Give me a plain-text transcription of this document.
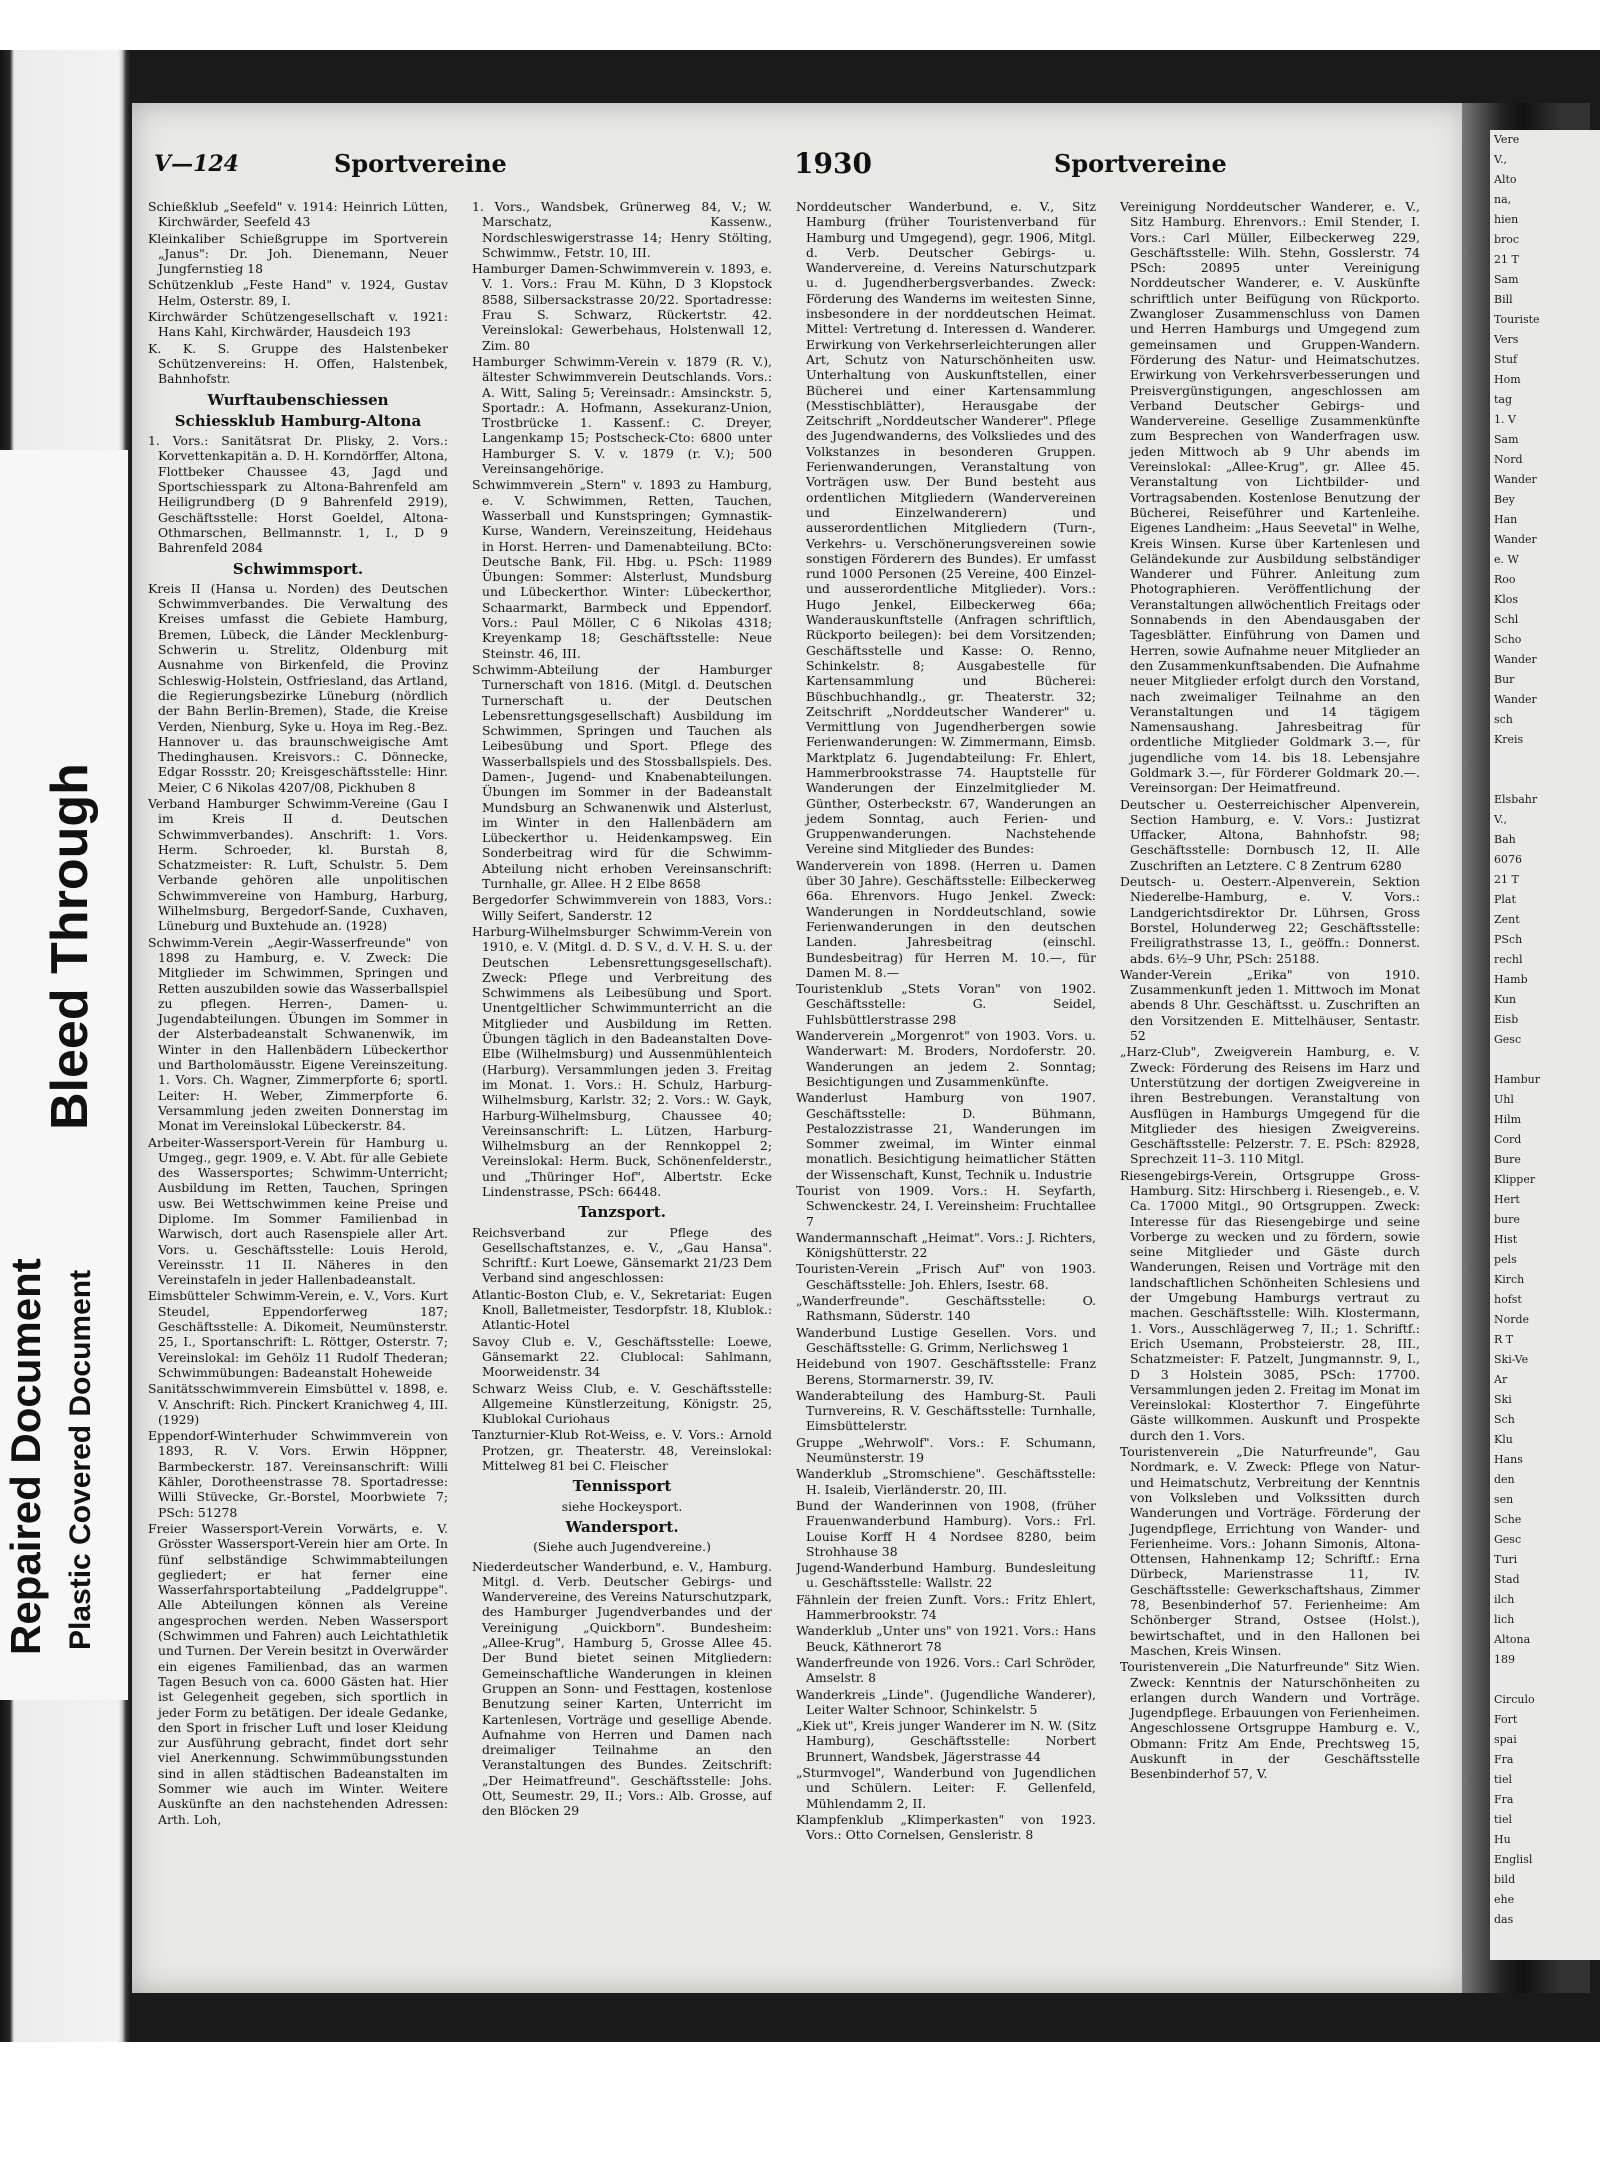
Repaired Document Plastic Covered Document
Bleed Through
V—124	Sportvereine	1930	Sportvereine

Schießklub „Seefeld" v. 1914: Heinrich Lütten, Kirchwärder, Seefeld 43

Kleinkaliber Schießgruppe im Sportverein „Janus": Dr. Joh. Dienemann, Neuer Jungfernstieg 18

Schützenklub „Feste Hand" v. 1924, Gustav Helm, Osterstr. 89, I.

Kirchwärder Schützengesellschaft v. 1921: Hans Kahl, Kirchwärder, Hausdeich 193

K. K. S. Gruppe des Halstenbeker Schützenvereins: H. Offen, Halstenbek, Bahnhofstr.

Wurftaubenschiessen
Schiessklub Hamburg-Altona

1. Vors.: Sanitätsrat Dr. Plisky, 2. Vors.: Korvettenkapitän a. D. H. Korndörffer, Altona, Flottbeker Chaussee 43, Jagd und Sportschiesspark zu Altona-Bahrenfeld am Heiligrundberg (D 9 Bahrenfeld 2919), Geschäftsstelle: Horst Goeldel, Altona-Othmarschen, Bellmannstr. 1, I., D 9 Bahrenfeld 2084

Schwimmsport.

Kreis II (Hansa u. Norden) des Deutschen Schwimmverbandes. Die Verwaltung des Kreises umfasst die Gebiete Hamburg, Bremen, Lübeck, die Länder Mecklenburg-Schwerin u. Strelitz, Oldenburg mit Ausnahme von Birkenfeld, die Provinz Schleswig-Holstein, Ostfriesland, das Artland, die Regierungsbezirke Lüneburg (nördlich der Bahn Berlin-Bremen), Stade, die Kreise Verden, Nienburg, Syke u. Hoya im Reg.-Bez. Hannover u. das braunschweigische Amt Thedinghausen. Kreisvors.: C. Dönnecke, Edgar Rossstr. 20; Kreisgeschäftsstelle: Hinr. Meier, C 6 Nikolas 4207/08, Pickhuben 8

Verband Hamburger Schwimm-Vereine (Gau I im Kreis II d. Deutschen Schwimmverbandes). Anschrift: 1. Vors. Herm. Schroeder, kl. Burstah 8, Schatzmeister: R. Luft, Schulstr. 5. Dem Verbande gehören alle unpolitischen Schwimmvereine von Hamburg, Harburg, Wilhelmsburg, Bergedorf-Sande, Cuxhaven, Lüneburg und Buxtehude an. (1928)

Schwimm-Verein „Aegir-Wasserfreunde" von 1898 zu Hamburg, e. V. Zweck: Die Mitglieder im Schwimmen, Springen und Retten auszubilden sowie das Wasserballspiel zu pflegen. Herren-, Damen- u. Jugendabteilungen. Übungen im Sommer in der Alsterbadeanstalt Schwanenwik, im Winter in den Hallenbädern Lübeckerthor und Bartholomäusstr. Eigene Vereinszeitung. 1. Vors. Ch. Wagner, Zimmerpforte 6; sportl. Leiter: H. Weber, Zimmerpforte 6. Versammlung jeden zweiten Donnerstag im Monat im Vereinslokal Lübeckerstr. 84.

Arbeiter-Wassersport-Verein für Hamburg u. Umgeg., gegr. 1909, e. V. Abt. für alle Gebiete des Wassersportes; Schwimm-Unterricht; Ausbildung im Retten, Tauchen, Springen usw. Bei Wettschwimmen keine Preise und Diplome. Im Sommer Familienbad in Warwisch, dort auch Rasenspiele aller Art. Vors. u. Geschäftsstelle: Louis Herold, Vereinsstr. 11 II. Näheres in den Vereinstafeln in jeder Hallenbadeanstalt.

Eimsbütteler Schwimm-Verein, e. V., Vors. Kurt Steudel, Eppendorferweg 187; Geschäftsstelle: A. Dikomeit, Neumünsterstr. 25, I., Sportanschrift: L. Röttger, Osterstr. 7; Vereinslokal: im Gehölz 11 Rudolf Thederan; Schwimmübungen: Badeanstalt Hoheweide

Sanitätsschwimmverein Eimsbüttel v. 1898, e. V. Anschrift: Rich. Pinckert Kranichweg 4, III. (1929)

Eppendorf-Winterhuder Schwimmverein von 1893, R. V. Vors. Erwin Höppner, Barmbeckerstr. 187. Vereinsanschrift: Willi Kähler, Dorotheenstrasse 78. Sportadresse: Willi Stüvecke, Gr.-Borstel, Moorbwiete 7; PSch: 51278

Freier Wassersport-Verein Vorwärts, e. V. Grösster Wassersport-Verein hier am Orte. In fünf selbständige Schwimmabteilungen gegliedert; er hat ferner eine Wasserfahrsportabteilung „Paddelgruppe". Alle Abteilungen können als Vereine angesprochen werden. Neben Wassersport (Schwimmen und Fahren) auch Leichtathletik und Turnen. Der Verein besitzt in Overwärder ein eigenes Familienbad, das an warmen Tagen Besuch von ca. 6000 Gästen hat. Hier ist Gelegenheit gegeben, sich sportlich in jeder Form zu betätigen. Der ideale Gedanke, den Sport in frischer Luft und loser Kleidung zur Ausführung gebracht, findet dort sehr viel Anerkennung. Schwimmübungsstunden sind in allen städtischen Badeanstalten im Sommer wie auch im Winter. Weitere Auskünfte an den nachstehenden Adressen: Arth. Loh,

1. Vors., Wandsbek, Grünerweg 84, V.; W. Marschatz, Kassenw., Nordschleswigerstrasse 14; Henry Stölting, Schwimmw., Fetstr. 10, III.

Hamburger Damen-Schwimmverein v. 1893, e. V. 1. Vors.: Frau M. Kühn, D 3 Klopstock 8588, Silbersackstrasse 20/22. Sportadresse: Frau S. Schwarz, Rückertstr. 42. Vereinslokal: Gewerbehaus, Holstenwall 12, Zim. 80

Hamburger Schwimm-Verein v. 1879 (R. V.), ältester Schwimmverein Deutschlands. Vors.: A. Witt, Saling 5; Vereinsadr.: Amsinckstr. 5, Sportadr.: A. Hofmann, Assekuranz-Union, Trostbrücke 1. Kassenf.: C. Dreyer, Langenkamp 15; Postscheck-Cto: 6800 unter Hamburger S. V. v. 1879 (r. V.); 500 Vereinsangehörige.

Schwimmverein „Stern" v. 1893 zu Hamburg, e. V. Schwimmen, Retten, Tauchen, Wasserball und Kunstspringen; Gymnastik-Kurse, Wandern, Vereinszeitung, Heidehaus in Horst. Herren- und Damenabteilung. BCto: Deutsche Bank, Fil. Hbg. u. PSch: 11989 Übungen: Sommer: Alsterlust, Mundsburg und Lübeckerthor. Winter: Lübeckerthor, Schaarmarkt, Barmbeck und Eppendorf. Vors.: Paul Möller, C 6 Nikolas 4318; Kreyenkamp 18; Geschäftsstelle: Neue Steinstr. 46, III.

Schwimm-Abteilung der Hamburger Turnerschaft von 1816. (Mitgl. d. Deutschen Turnerschaft u. der Deutschen Lebensrettungsgesellschaft) Ausbildung im Schwimmen, Springen und Tauchen als Leibesübung und Sport. Pflege des Wasserballspiels und des Stossballspiels. Des. Damen-, Jugend- und Knabenabteilungen. Übungen im Sommer in der Badeanstalt Mundsburg an Schwanenwik und Alsterlust, im Winter in den Hallenbädern am Lübeckerthor u. Heidenkampsweg. Ein Sonderbeitrag wird für die Schwimm-Abteilung nicht erhoben Vereinsanschrift: Turnhalle, gr. Allee. H 2 Elbe 8658

Bergedorfer Schwimmverein von 1883, Vors.: Willy Seifert, Sanderstr. 12

Harburg-Wilhelmsburger Schwimm-Verein von 1910, e. V. (Mitgl. d. D. S V., d. V. H. S. u. der Deutschen Lebensrettungsgesellschaft). Zweck: Pflege und Verbreitung des Schwimmens als Leibesübung und Sport. Unentgeltlicher Schwimmunterricht an die Mitglieder und Ausbildung im Retten. Übungen täglich in den Badeanstalten Dove-Elbe (Wilhelmsburg) und Aussenmühlenteich (Harburg). Versammlungen jeden 3. Freitag im Monat. 1. Vors.: H. Schulz, Harburg-Wilhelmsburg, Karlstr. 32; 2. Vors.: W. Gayk, Harburg-Wilhelmsburg, Chaussee 40; Vereinsanschrift: L. Lützen, Harburg-Wilhelmsburg an der Rennkoppel 2; Vereinslokal: Herm. Buck, Schönenfelderstr., und „Thüringer Hof", Albertstr. Ecke Lindenstrasse, PSch: 66448.

Tanzsport.

Reichsverband zur Pflege des Gesellschaftstanzes, e. V., „Gau Hansa". Schriftf.: Kurt Loewe, Gänsemarkt 21/23 Dem Verband sind angeschlossen:

Atlantic-Boston Club, e. V., Sekretariat: Eugen Knoll, Balletmeister, Tesdorpfstr. 18, Klublok.: Atlantic-Hotel

Savoy Club e. V., Geschäftsstelle: Loewe, Gänsemarkt 22. Clublocal: Sahlmann, Moorweidenstr. 34

Schwarz Weiss Club, e. V. Geschäftsstelle: Allgemeine Künstlerzeitung, Königstr. 25, Klublokal Curiohaus

Tanzturnier-Klub Rot-Weiss, e. V. Vors.: Arnold Protzen, gr. Theaterstr. 48, Vereinslokal: Mittelweg 81 bei C. Fleischer

Tennissport
siehe Hockeysport.
Wandersport.
(Siehe auch Jugendvereine.)

Niederdeutscher Wanderbund, e. V., Hamburg. Mitgl. d. Verb. Deutscher Gebirgs- und Wandervereine, des Vereins Naturschutzpark, des Hamburger Jugendverbandes und der Vereinigung „Quickborn". Bundesheim: „Allee-Krug", Hamburg 5, Grosse Allee 45. Der Bund bietet seinen Mitgliedern: Gemeinschaftliche Wanderungen in kleinen Gruppen an Sonn- und Festtagen, kostenlose Benutzung seiner Karten, Unterricht im Kartenlesen, Vorträge und gesellige Abende. Aufnahme von Herren und Damen nach dreimaliger Teilnahme an den Veranstaltungen des Bundes. Zeitschrift: „Der Heimatfreund". Geschäftsstelle: Johs. Ott, Seumestr. 29, II.; Vors.: Alb. Grosse, auf den Blöcken 29

Norddeutscher Wanderbund, e. V., Sitz Hamburg (früher Touristenverband für Hamburg und Umgegend), gegr. 1906, Mitgl. d. Verb. Deutscher Gebirgs- u. Wandervereine, d. Vereins Naturschutzpark u. d. Jugendherbergsverbandes. Zweck: Förderung des Wanderns im weitesten Sinne, insbesondere in der norddeutschen Heimat. Mittel: Vertretung d. Interessen d. Wanderer. Erwirkung von Verkehrserleichterungen aller Art, Schutz von Naturschönheiten usw. Unterhaltung von Auskunftstellen, einer Bücherei und einer Kartensammlung (Messtischblätter), Herausgabe der Zeitschrift „Norddeutscher Wanderer". Pflege des Jugendwanderns, des Volksliedes und des Volkstanzes in besonderen Gruppen. Ferienwanderungen, Veranstaltung von Vorträgen usw. Der Bund besteht aus ordentlichen Mitgliedern (Wandervereinen und Einzelwanderern) und ausserordentlichen Mitgliedern (Turn-, Verkehrs- u. Verschönerungsvereinen sowie sonstigen Förderern des Bundes). Er umfasst rund 1000 Personen (25 Vereine, 400 Einzel- und ausserordentliche Mitglieder). Vors.: Hugo Jenkel, Eilbeckerweg 66a; Wanderauskunftstelle (Anfragen schriftlich, Rückporto beilegen): bei dem Vorsitzenden; Geschäftsstelle und Kasse: O. Renno, Schinkelstr. 8; Ausgabestelle für Kartensammlung und Bücherei: Büschbuchhandlg., gr. Theaterstr. 32; Zeitschrift „Norddeutscher Wanderer" u. Vermittlung von Jugendherbergen sowie Ferienwanderungen: W. Zimmermann, Eimsb. Marktplatz 6. Jugendabteilung: Fr. Ehlert, Hammerbrookstrasse 74. Hauptstelle für Wanderungen der Einzelmitglieder M. Günther, Osterbeckstr. 67, Wanderungen an jedem Sonntag, auch Ferien- und Gruppenwanderungen. Nachstehende Vereine sind Mitglieder des Bundes:

Wanderverein von 1898. (Herren u. Damen über 30 Jahre). Geschäftsstelle: Eilbeckerweg 66a. Ehrenvors. Hugo Jenkel. Zweck: Wanderungen in Norddeutschland, sowie Ferienwanderungen in den deutschen Landen. Jahresbeitrag (einschl. Bundesbeitrag) für Herren M. 10.—, für Damen M. 8.—

Touristenklub „Stets Voran" von 1902. Geschäftsstelle: G. Seidel, Fuhlsbüttlerstrasse 298

Wanderverein „Morgenrot" von 1903. Vors. u. Wanderwart: M. Broders, Nordoferstr. 20. Wanderungen an jedem 2. Sonntag; Besichtigungen und Zusammenkünfte.

Wanderlust Hamburg von 1907. Geschäftsstelle: D. Bühmann, Pestalozzistrasse 21, Wanderungen im Sommer zweimal, im Winter einmal monatlich. Besichtigung heimatlicher Stätten der Wissenschaft, Kunst, Technik u. Industrie

Tourist von 1909. Vors.: H. Seyfarth, Schwenckestr. 24, I. Vereinsheim: Fruchtallee 7

Wandermannschaft „Heimat". Vors.: J. Richters, Königshütterstr. 22

Touristen-Verein „Frisch Auf" von 1903. Geschäftsstelle: Joh. Ehlers, Isestr. 68.

„Wanderfreunde". Geschäftsstelle: O. Rathsmann, Süderstr. 140

Wanderbund Lustige Gesellen. Vors. und Geschäftsstelle: G. Grimm, Nerlichsweg 1

Heidebund von 1907. Geschäftsstelle: Franz Berens, Stormarnerstr. 39, IV.

Wanderabteilung des Hamburg-St. Pauli Turnvereins, R. V. Geschäftsstelle: Turnhalle, Eimsbüttelerstr.

Gruppe „Wehrwolf". Vors.: F. Schumann, Neumünsterstr. 19

Wanderklub „Stromschiene". Geschäftsstelle: H. Isaleib, Vierländerstr. 20, III.

Bund der Wanderinnen von 1908, (früher Frauenwanderbund Hamburg). Vors.: Frl. Louise Korff H 4 Nordsee 8280, beim Strohhause 38

Jugend-Wanderbund Hamburg. Bundesleitung u. Geschäftsstelle: Wallstr. 22

Fähnlein der freien Zunft. Vors.: Fritz Ehlert, Hammerbrookstr. 74

Wanderklub „Unter uns" von 1921. Vors.: Hans Beuck, Käthnerort 78

Wanderfreunde von 1926. Vors.: Carl Schröder, Amselstr. 8

Wanderkreis „Linde". (Jugendliche Wanderer), Leiter Walter Schnoor, Schinkelstr. 5

„Kiek ut", Kreis junger Wanderer im N. W. (Sitz Hamburg), Geschäftsstelle: Norbert Brunnert, Wandsbek, Jägerstrasse 44

„Sturmvogel", Wanderbund von Jugendlichen und Schülern. Leiter: F. Gellenfeld, Mühlendamm 2, II.

Klampfenklub „Klimperkasten" von 1923. Vors.: Otto Cornelsen, Gensleristr. 8

Vereinigung Norddeutscher Wanderer, e. V., Sitz Hamburg. Ehrenvors.: Emil Stender, I. Vors.: Carl Müller, Eilbeckerweg 229, Geschäftsstelle: Wilh. Stehn, Gosslerstr. 74 PSch: 20895 unter Vereinigung Norddeutscher Wanderer, e. V. Auskünfte schriftlich unter Beifügung von Rückporto. Zwangloser Zusammenschluss von Damen und Herren Hamburgs und Umgegend zum gemeinsamen und Gruppen-Wandern. Förderung des Natur- und Heimatschutzes. Erwirkung von Verkehrsverbesserungen und Preisvergünstigungen, angeschlossen am Verband Deutscher Gebirgs- und Wandervereine. Gesellige Zusammenkünfte zum Besprechen von Wanderfragen usw. jeden Mittwoch ab 9 Uhr abends im Vereinslokal: „Allee-Krug", gr. Allee 45. Veranstaltung von Lichtbilder- und Vortragsabenden. Kostenlose Benutzung der Bücherei, Reiseführer und Kartenleihe. Eigenes Landheim: „Haus Seevetal" in Welhe, Kreis Winsen. Kurse über Kartenlesen und Geländekunde zur Ausbildung selbständiger Wanderer und Führer. Anleitung zum Photographieren. Veröffentlichung der Veranstaltungen allwöchentlich Freitags oder Sonnabends in den Abendausgaben der Tagesblätter. Einführung von Damen und Herren, sowie Aufnahme neuer Mitglieder an den Zusammenkunftsabenden. Die Aufnahme neuer Mitglieder erfolgt durch den Vorstand, nach zweimaliger Teilnahme an den Veranstaltungen und 14 tägigem Namensaushang. Jahresbeitrag für ordentliche Mitglieder Goldmark 3.—, für jugendliche vom 14. bis 18. Lebensjahre Goldmark 3.—, für Förderer Goldmark 20.—. Vereinsorgan: Der Heimatfreund.

Deutscher u. Oesterreichischer Alpenverein, Section Hamburg, e. V. Vors.: Justizrat Uffacker, Altona, Bahnhofstr. 98; Geschäftsstelle: Dornbusch 12, II. Alle Zuschriften an Letztere. C 8 Zentrum 6280

Deutsch- u. Oesterr.-Alpenverein, Sektion Niederelbe-Hamburg, e. V. Vors.: Landgerichtsdirektor Dr. Lührsen, Gross Borstel, Holunderweg 22; Geschäftsstelle: Freiligrathstrasse 13, I., geöffn.: Donnerst. abds. 6½–9 Uhr, PSch: 25188.

Wander-Verein „Erika" von 1910. Zusammenkunft jeden 1. Mittwoch im Monat abends 8 Uhr. Geschäftsst. u. Zuschriften an den Vorsitzenden E. Mittelhäuser, Sentastr. 52

„Harz-Club", Zweigverein Hamburg, e. V. Zweck: Förderung des Reisens im Harz und Unterstützung der dortigen Zweigvereine in ihren Bestrebungen. Veranstaltung von Ausflügen in Hamburgs Umgegend für die Mitglieder des hiesigen Zweigvereins. Geschäftsstelle: Pelzerstr. 7. E. PSch: 82928, Sprechzeit 11–3. 110 Mitgl.

Riesengebirgs-Verein, Ortsgruppe Gross-Hamburg. Sitz: Hirschberg i. Riesengeb., e. V. Ca. 17000 Mitgl., 90 Ortsgruppen. Zweck: Interesse für das Riesengebirge und seine Vorberge zu wecken und zu fördern, sowie seine Mitglieder und Gäste durch Wanderungen, Reisen und Vorträge mit den landschaftlichen Schönheiten Schlesiens und der Umgebung Hamburgs vertraut zu machen. Geschäftsstelle: Wilh. Klostermann, 1. Vors., Ausschlägerweg 7, II.; 1. Schriftf.: Erich Usemann, Probsteierstr. 28, III., Schatzmeister: F. Patzelt, Jungmannstr. 9, I., D 3 Holstein 3085, PSch: 17700. Versammlungen jeden 2. Freitag im Monat im Vereinslokal: Klosterthor 7. Eingeführte Gäste willkommen. Auskunft und Prospekte durch den 1. Vors.

Touristenverein „Die Naturfreunde", Gau Nordmark, e. V. Zweck: Pflege von Natur- und Heimatschutz, Verbreitung der Kenntnis von Volksleben und Volkssitten durch Wanderungen und Vorträge. Förderung der Jugendpflege, Errichtung von Wander- und Ferienheime. Vors.: Johann Simonis, Altona-Ottensen, Hahnenkamp 12; Schriftf.: Erna Dürbeck, Marienstrasse 11, IV. Geschäftsstelle: Gewerkschaftshaus, Zimmer 78, Besenbinderhof 57. Ferienheime: Am Schönberger Strand, Ostsee (Holst.), bewirtschaftet, und in den Hallonen bei Maschen, Kreis Winsen.

Touristenverein „Die Naturfreunde" Sitz Wien. Zweck: Kenntnis der Naturschönheiten zu erlangen durch Wandern und Vorträge. Jugendpflege. Erbauungen von Ferienheimen. Angeschlossene Ortsgruppe Hamburg e. V., Obmann: Fritz Am Ende, Prechtsweg 15, Auskunft in der Geschäftsstelle Besenbinderhof 57, V.

Vere
V.,
Alto
na,
hien
broc
21 T
Sam
Bill
Touriste
Vers
Stuf
Hom
tag
1. V
Sam
Nord
Wander
Bey
Han
Wander
e. W
Roo
Klos
Schl
Scho
Wander
Bur
Wander
sch
Kreis

Elsbahr
V.,
Bah
6076
21 T
Plat
Zent
PSch
rechl
Hamb
Kun
Eisb
Gesc

Hambur
Uhl
Hilm
Cord
Bure
Klipper
Hert
bure
Hist
pels
Kirch
hofst
Norde
R T
Ski-Ve
Ar
Ski
Sch
Klu
Hans
den
sen
Sche
Gesc
Turi
Stad
ilch
lich
Altona
189

Circulo
Fort
spai
Fra
tiel
Fra
tiel
Hu
Englisl
bild
ehe
das
